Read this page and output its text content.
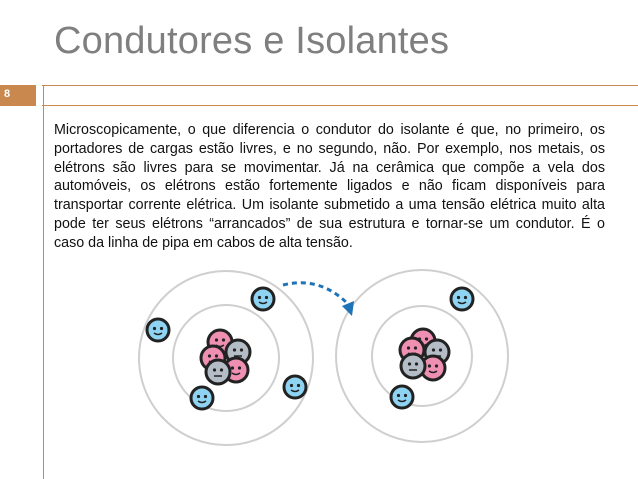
Condutores e Isolantes
8
Microscopicamente, o que diferencia o condutor do isolante é que, no primeiro, os portadores de cargas estão livres, e no segundo, não. Por exemplo, nos metais, os elétrons são livres para se movimentar. Já na cerâmica que compõe a vela dos automóveis, os elétrons estão fortemente ligados e não ficam disponíveis para transportar corrente elétrica. Um isolante submetido a uma tensão elétrica muito alta pode ter seus elétrons “arrancados” de sua estrutura e tornar-se um condutor. É o caso da linha de pipa em cabos de alta tensão.
